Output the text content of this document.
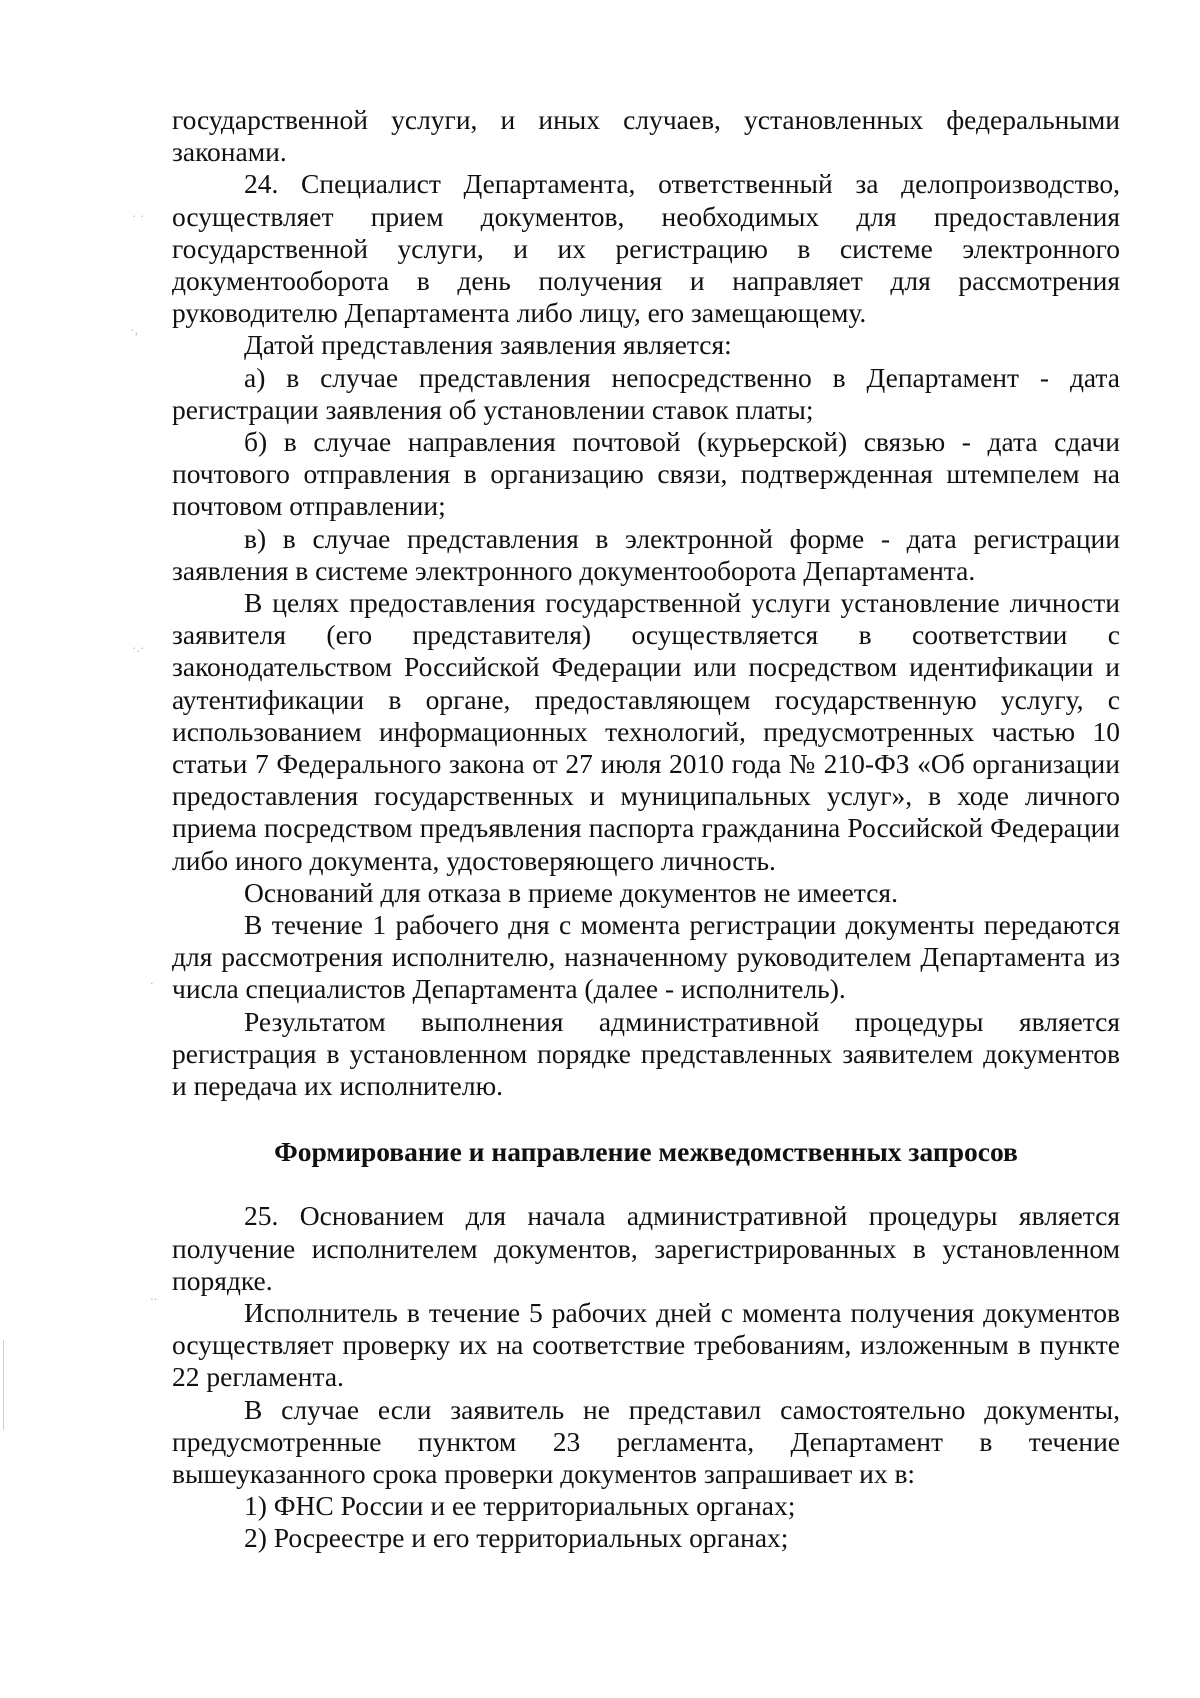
государственной услуги, и иных случаев, установленных федеральными законами.

24. Специалист Департамента, ответственный за делопроизводство, осуществляет прием документов, необходимых для предоставления государственной услуги, и их регистрацию в системе электронного документооборота в день получения и направляет для рассмотрения руководителю Департамента либо лицу, его замещающему.

Датой представления заявления является:

а) в случае представления непосредственно в Департамент - дата регистрации заявления об установлении ставок платы;

б) в случае направления почтовой (курьерской) связью - дата сдачи почтового отправления в организацию связи, подтвержденная штемпелем на почтовом отправлении;

в) в случае представления в электронной форме - дата регистрации заявления в системе электронного документооборота Департамента.

В целях предоставления государственной услуги установление личности заявителя (его представителя) осуществляется в соответствии с законодательством Российской Федерации или посредством идентификации и аутентификации в органе, предоставляющем государственную услугу, с использованием информационных технологий, предусмотренных частью 10 статьи 7 Федерального закона от 27 июля 2010 года № 210-ФЗ «Об организации предоставления государственных и муниципальных услуг», в ходе личного приема посредством предъявления паспорта гражданина Российской Федерации либо иного документа, удостоверяющего личность.

Оснований для отказа в приеме документов не имеется.

В течение 1 рабочего дня с момента регистрации документы передаются для рассмотрения исполнителю, назначенному руководителем Департамента из числа специалистов Департамента (далее - исполнитель).

Результатом выполнения административной процедуры является регистрация в установленном порядке представленных заявителем документов и передача их исполнителю.

Формирование и направление межведомственных запросов

25. Основанием для начала административной процедуры является получение исполнителем документов, зарегистрированных в установленном порядке.

Исполнитель в течение 5 рабочих дней с момента получения документов осуществляет проверку их на соответствие требованиям, изложенным в пункте 22 регламента.

В случае если заявитель не представил самостоятельно документы, предусмотренные пунктом 23 регламента, Департамент в течение вышеуказанного срока проверки документов запрашивает их в:

1) ФНС России и ее территориальных органах;

2) Росреестре и его территориальных органах;

· ·
·,
·.·
.
..
